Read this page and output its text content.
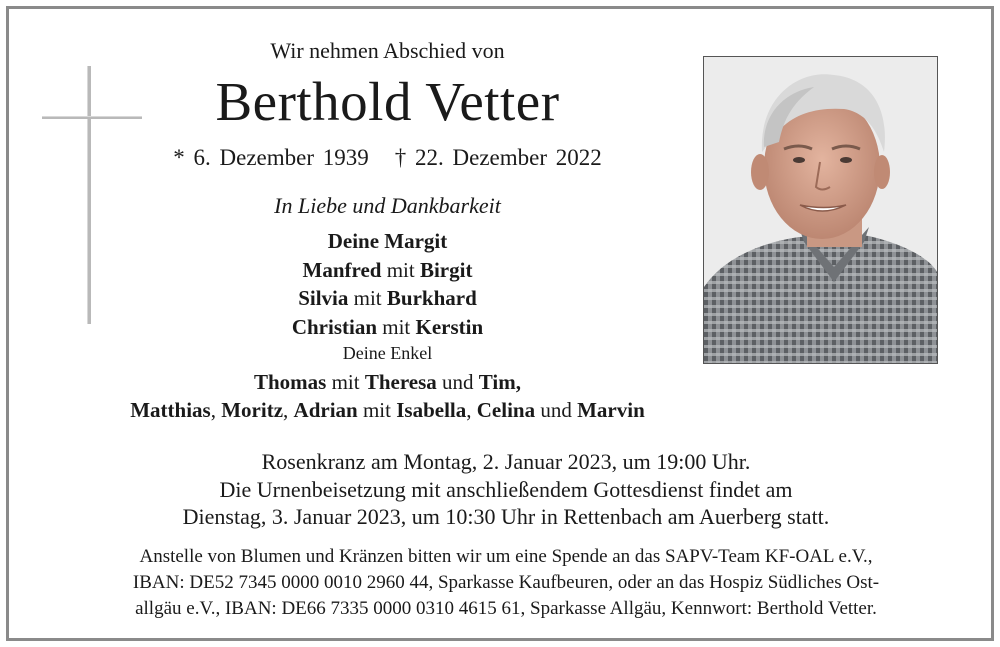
Wir nehmen Abschied von
Berthold Vetter
* 6. Dezember 1939 † 22. Dezember 2022
In Liebe und Dankbarkeit
Deine Margit
Manfred mit Birgit
Silvia mit Burkhard
Christian mit Kerstin
Deine Enkel
Thomas mit Theresa und Tim,
Matthias, Moritz, Adrian mit Isabella, Celina und Marvin
Rosenkranz am Montag, 2. Januar 2023, um 19:00 Uhr.
Die Urnenbeisetzung mit anschließendem Gottesdienst findet am
Dienstag, 3. Januar 2023, um 10:30 Uhr in Rettenbach am Auerberg statt.
Anstelle von Blumen und Kränzen bitten wir um eine Spende an das SAPV-Team KF-OAL e.V.,
IBAN: DE52 7345 0000 0010 2960 44, Sparkasse Kaufbeuren, oder an das Hospiz Südliches Ost-
allgäu e.V., IBAN: DE66 7335 0000 0310 4615 61, Sparkasse Allgäu, Kennwort: Berthold Vetter.
